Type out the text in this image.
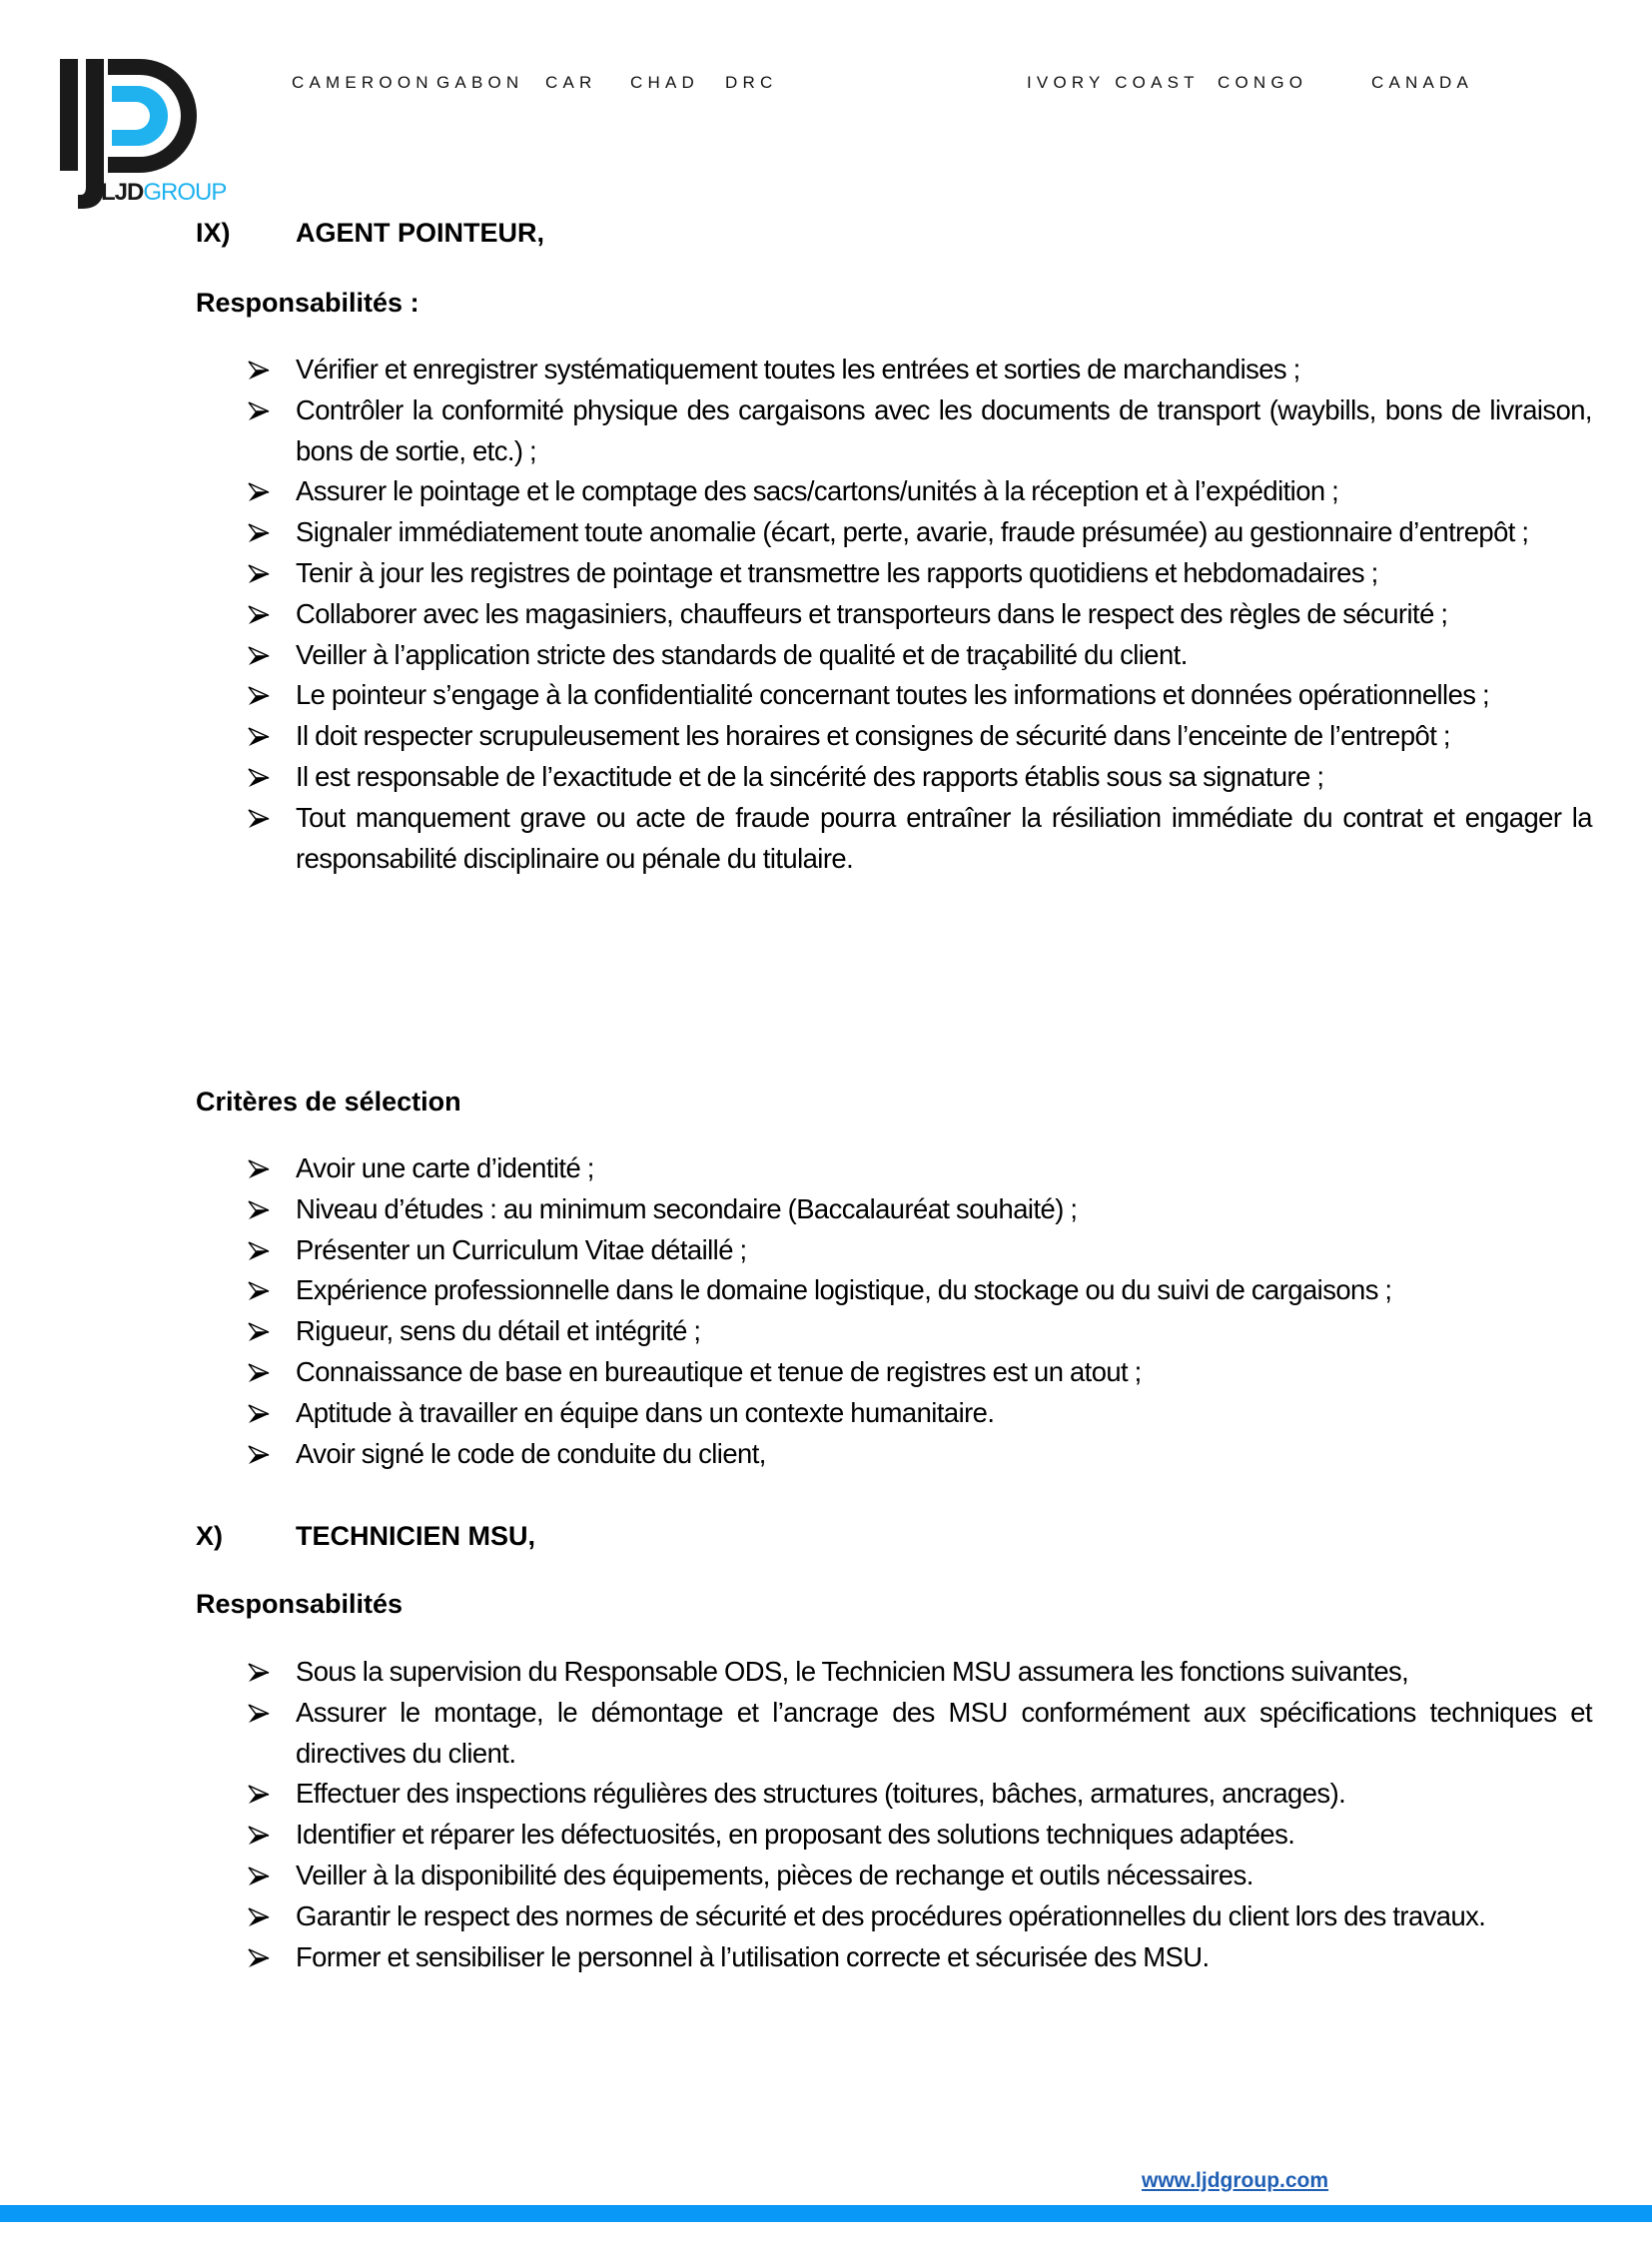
LJDGROUP
CAMEROON GABON CAR CHAD DRC	IVORY COAST CONGO	CANADA
IX) AGENT POINTEUR,
Responsabilités :
Vérifier et enregistrer systématiquement toutes les entrées et sorties de marchandises ;
Contrôler la conformité physique des cargaisons avec les documents de transport (waybills, bons de livraison, bons de sortie, etc.) ;
Assurer le pointage et le comptage des sacs/cartons/unités à la réception et à l’expédition ;
Signaler immédiatement toute anomalie (écart, perte, avarie, fraude présumée) au gestionnaire d’entrepôt ;
Tenir à jour les registres de pointage et transmettre les rapports quotidiens et hebdomadaires ;
Collaborer avec les magasiniers, chauffeurs et transporteurs dans le respect des règles de sécurité ;
Veiller à l’application stricte des standards de qualité et de traçabilité du client.
Le pointeur s’engage à la confidentialité concernant toutes les informations et données opérationnelles ;
Il doit respecter scrupuleusement les horaires et consignes de sécurité dans l’enceinte de l’entrepôt ;
Il est responsable de l’exactitude et de la sincérité des rapports établis sous sa signature ;
Tout manquement grave ou acte de fraude pourra entraîner la résiliation immédiate du contrat et engager la responsabilité disciplinaire ou pénale du titulaire.
Critères de sélection
Avoir une carte d’identité ;
Niveau d’études : au minimum secondaire (Baccalauréat souhaité) ;
Présenter un Curriculum Vitae détaillé ;
Expérience professionnelle dans le domaine logistique, du stockage ou du suivi de cargaisons ;
Rigueur, sens du détail et intégrité ;
Connaissance de base en bureautique et tenue de registres est un atout ;
Aptitude à travailler en équipe dans un contexte humanitaire.
Avoir signé le code de conduite du client,
X)	TECHNICIEN MSU,
Responsabilités
Sous la supervision du Responsable ODS, le Technicien MSU assumera les fonctions suivantes,
Assurer le montage, le démontage et l’ancrage des MSU conformément aux spécifications techniques et directives du client.
Effectuer des inspections régulières des structures (toitures, bâches, armatures, ancrages).
Identifier et réparer les défectuosités, en proposant des solutions techniques adaptées.
Veiller à la disponibilité des équipements, pièces de rechange et outils nécessaires.
Garantir le respect des normes de sécurité et des procédures opérationnelles du client lors des travaux.
Former et sensibiliser le personnel à l’utilisation correcte et sécurisée des MSU.
www.ljdgroup.com
